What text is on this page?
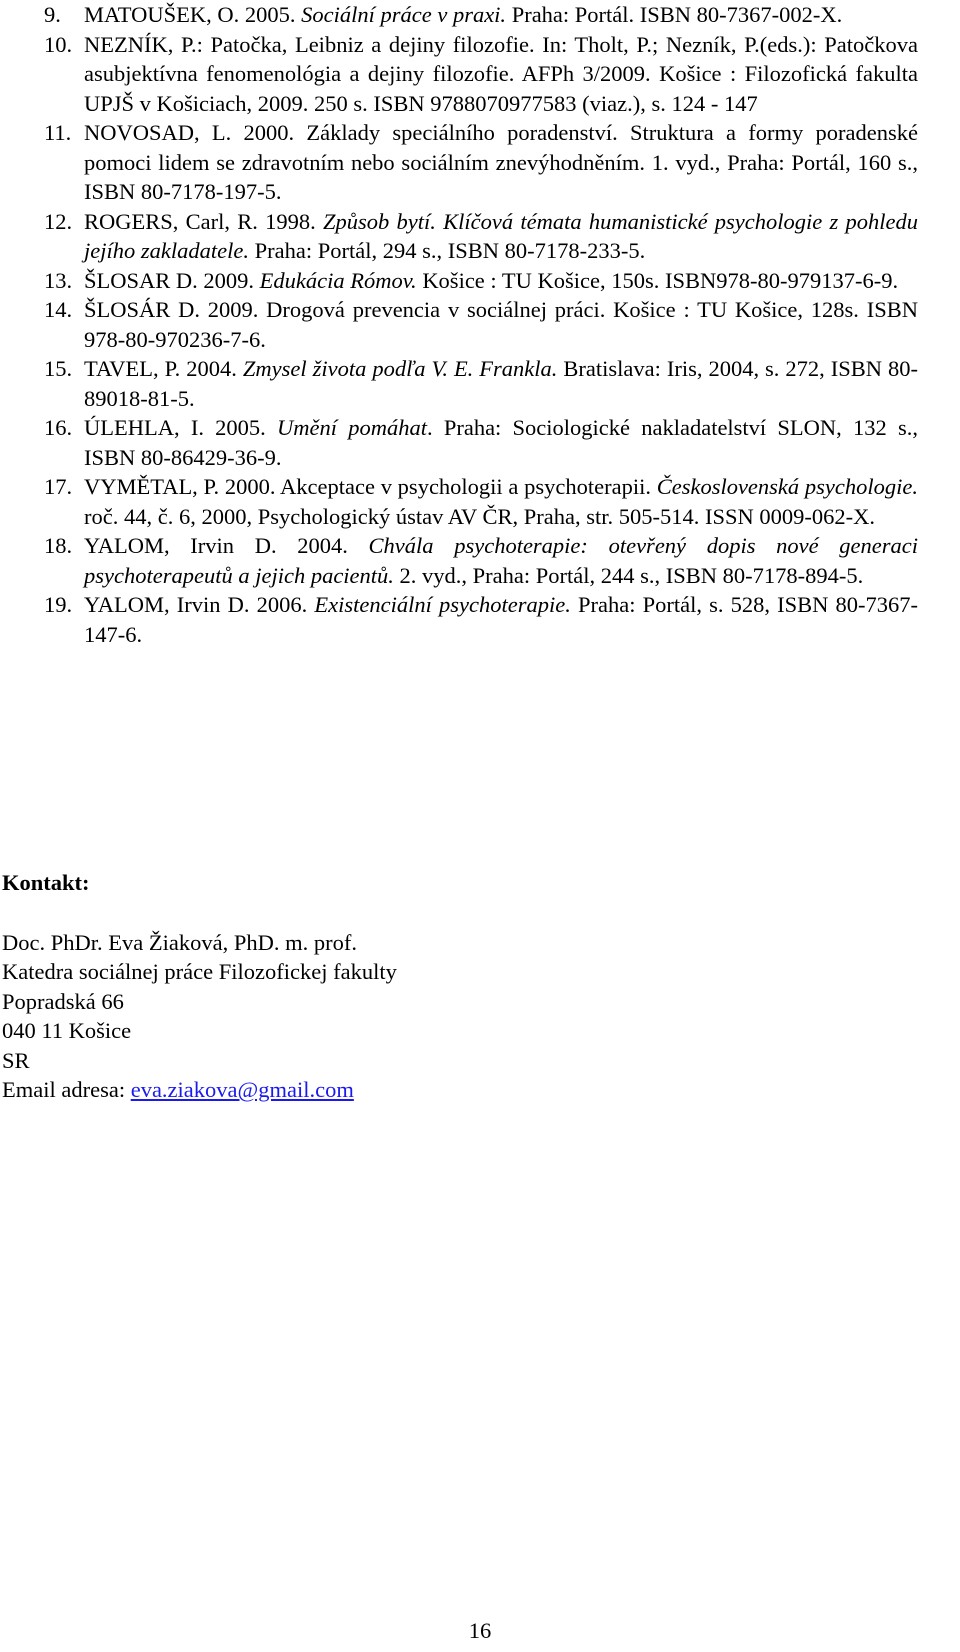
9. MATOUŠEK, O. 2005. Sociální práce v praxi. Praha: Portál. ISBN 80-7367-002-X.
10. NEZNÍK, P.: Patočka, Leibniz a dejiny filozofie. In: Tholt, P.; Nezník, P.(eds.): Patočkova asubjektívna fenomenológia a dejiny filozofie. AFPh 3/2009. Košice : Filozofická fakulta UPJŠ v Košiciach, 2009. 250 s. ISBN 9788070977583 (viaz.), s. 124 - 147
11. NOVOSAD, L. 2000. Základy speciálního poradenství. Struktura a formy poradenské pomoci lidem se zdravotním nebo sociálním znevýhodněním. 1. vyd., Praha: Portál, 160 s., ISBN 80-7178-197-5.
12. ROGERS, Carl, R. 1998. Způsob bytí. Klíčová témata humanistické psychologie z pohledu jejího zakladatele. Praha: Portál, 294 s., ISBN 80-7178-233-5.
13. ŠLOSAR D. 2009. Edukácia Rómov. Košice : TU Košice, 150s. ISBN978-80-979137-6-9.
14. ŠLOSÁR D. 2009. Drogová prevencia v sociálnej práci. Košice : TU Košice, 128s. ISBN 978-80-970236-7-6.
15. TAVEL, P. 2004. Zmysel života podľa V. E. Frankla. Bratislava: Iris, 2004, s. 272, ISBN 80-89018-81-5.
16. ÚLEHLA, I. 2005. Umění pomáhat. Praha: Sociologické nakladatelství SLON, 132 s., ISBN 80-86429-36-9.
17. VYMĚTAL, P. 2000. Akceptace v psychologii a psychoterapii. Československá psychologie. roč. 44, č. 6, 2000, Psychologický ústav AV ČR, Praha, str. 505-514. ISSN 0009-062-X.
18. YALOM, Irvin D. 2004. Chvála psychoterapie: otevřený dopis nové generaci psychoterapeutů a jejich pacientů. 2. vyd., Praha: Portál, 244 s., ISBN 80-7178-894-5.
19. YALOM, Irvin D. 2006. Existenciální psychoterapie. Praha: Portál, s. 528, ISBN 80-7367-147-6.
Kontakt:
Doc. PhDr. Eva Žiaková, PhD. m. prof.
Katedra sociálnej práce Filozofickej fakulty
Popradská 66
040 11 Košice
SR
Email adresa: eva.ziakova@gmail.com
16
